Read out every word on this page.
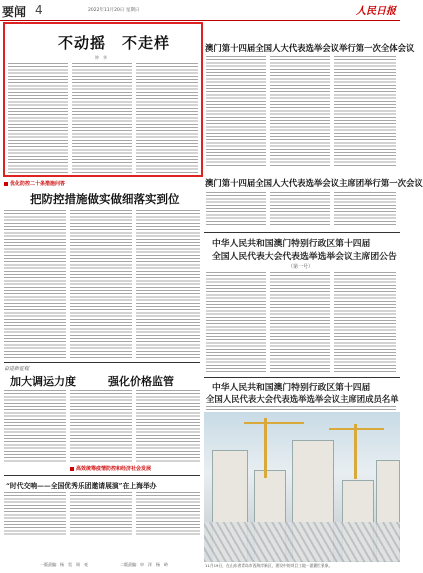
要闻 4	2022年11月20日 星期日	人民日报
不动摇　不走样
钟　华
澳门第十四届全国人大代表选举会议举行第一次全体会议
澳门第十四届全国人大代表选举会议主席团举行第一次会议
优化防控二十条措施问答
把防控措施做实做细落实到位
中华人民共和国澳门特别行政区第十四届
全国人民代表大会代表选举选举会议主席团公告
（第一号）
奋进新征程
加大调运力度	强化价格监管
高效统筹疫情防控和经济社会发展
“时代交响——全国优秀乐团邀请展演”在上海举办
中华人民共和国澳门特别行政区第十四届
全国人民代表大会代表选举选举会议主席团成员名单
11月19日，在山东省青岛市西海岸新区，建设中的项目工地一派繁忙景象。
一版责编：杨　昊　周　亮	二版责编：申　洋　杨　岭
